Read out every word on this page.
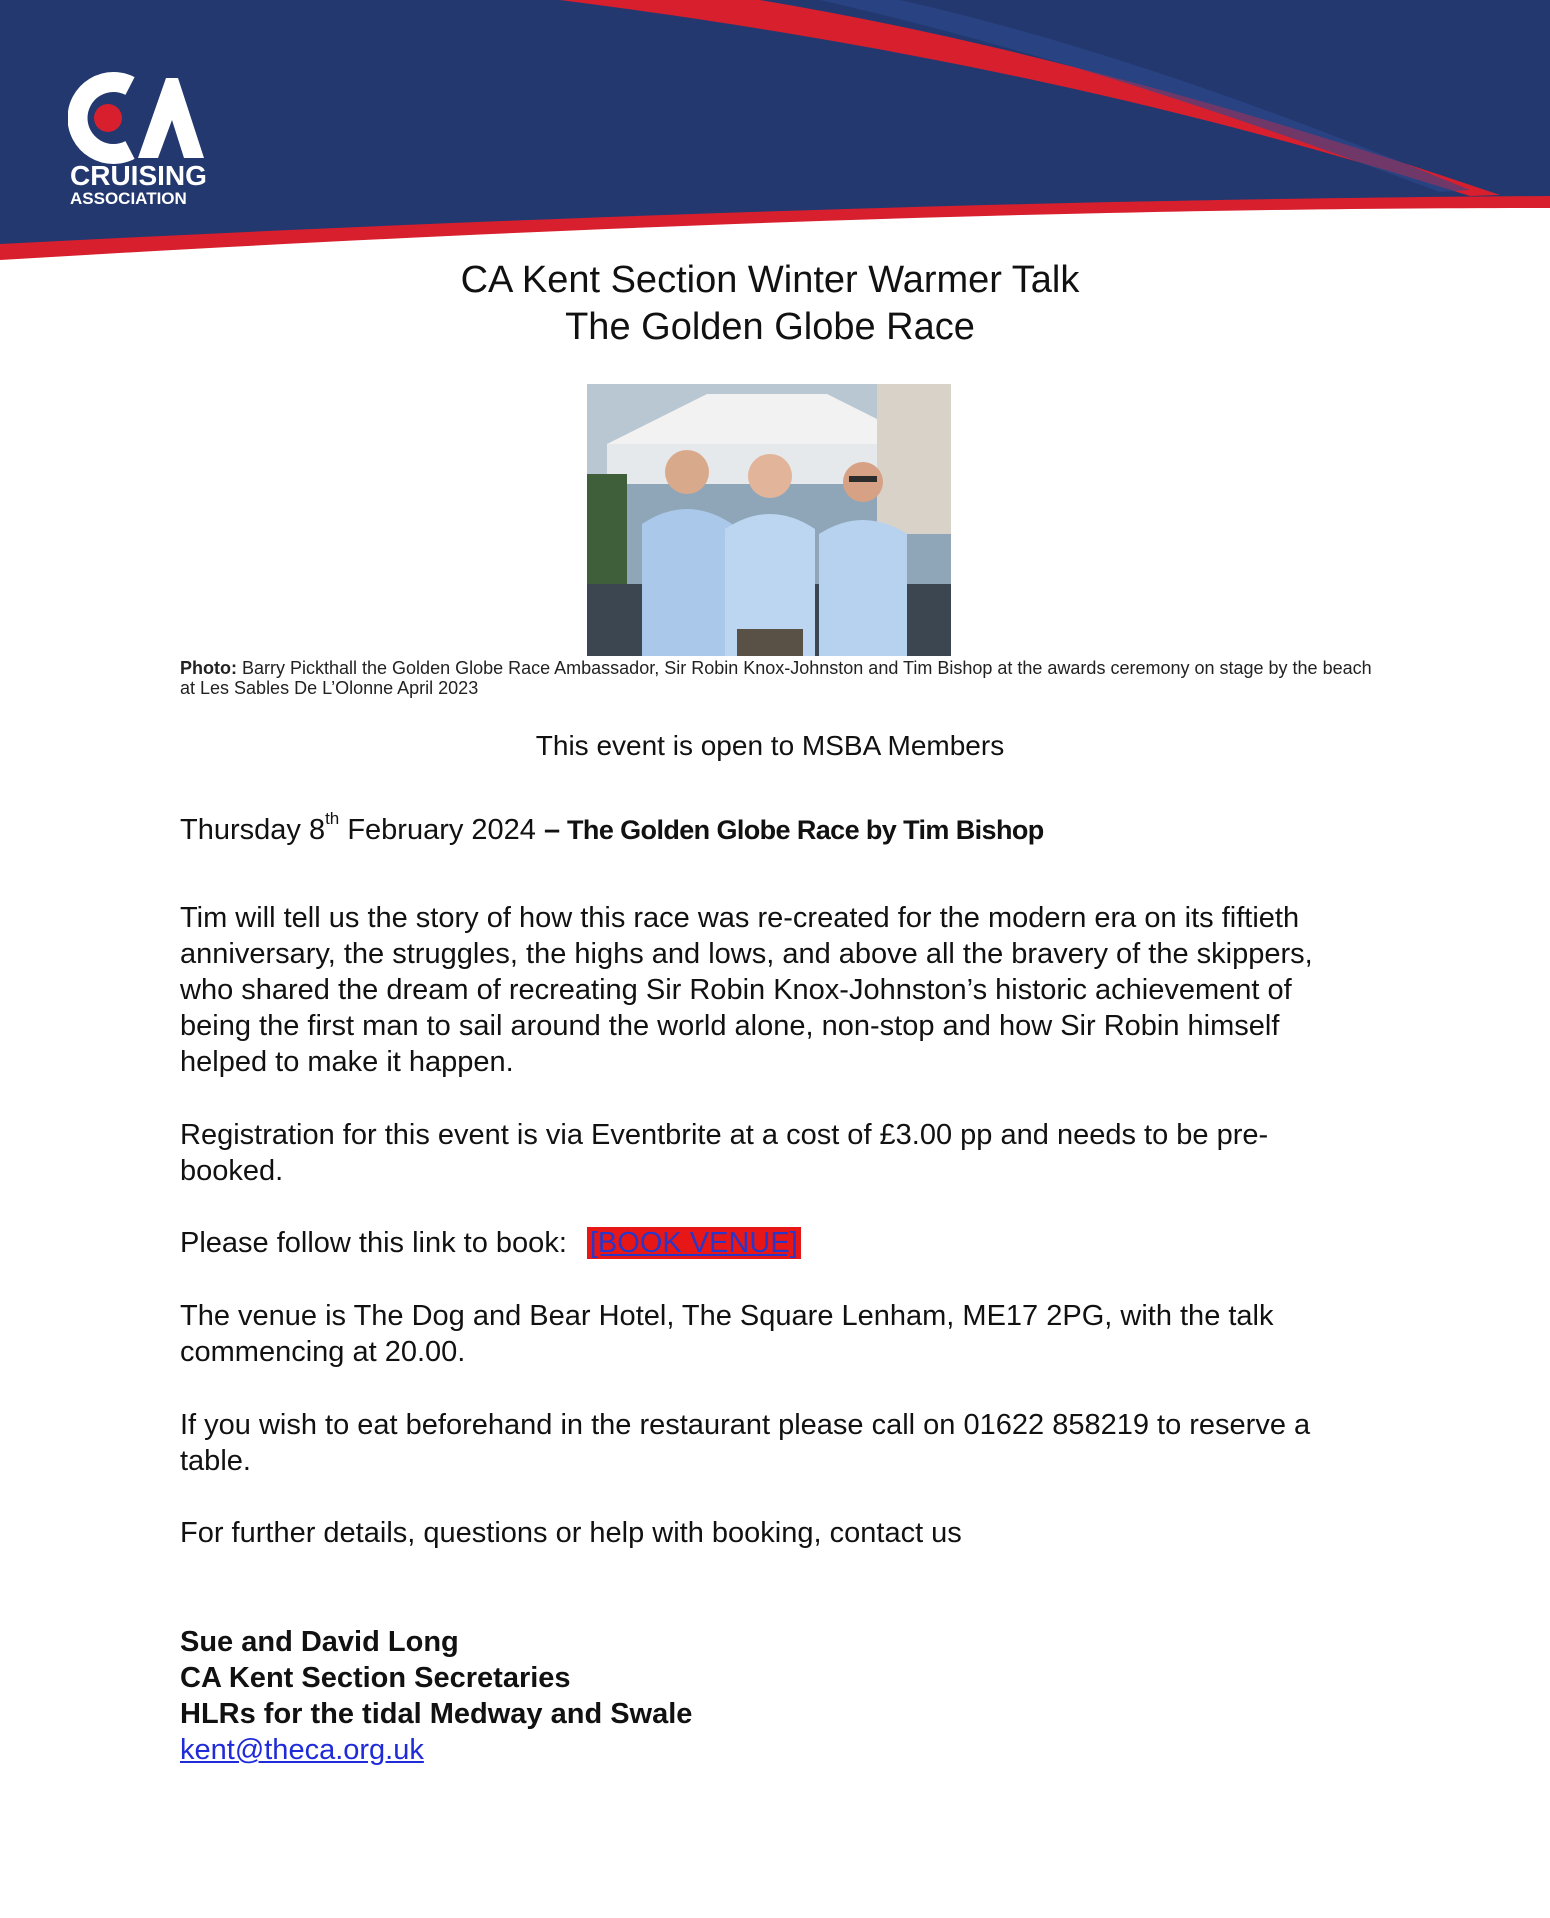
CRUISING
ASSOCIATION
CA Kent Section Winter Warmer Talk
The Golden Globe Race
Photo: Barry Pickthall the Golden Globe Race Ambassador, Sir Robin Knox-Johnston and Tim Bishop at the awards ceremony on stage by the beach at Les Sables De L’Olonne April 2023
This event is open to MSBA Members
Thursday 8th February 2024 – The Golden Globe Race by Tim Bishop
Tim will tell us the story of how this race was re-created for the modern era on its fiftieth anniversary, the struggles, the highs and lows, and above all the bravery of the skippers, who shared the dream of recreating Sir Robin Knox-Johnston’s historic achievement of being the first man to sail around the world alone, non-stop and how Sir Robin himself helped to make it happen.
Registration for this event is via Eventbrite at a cost of £3.00 pp and needs to be pre-booked.
Please follow this link to book: [BOOK VENUE]
The venue is The Dog and Bear Hotel, The Square Lenham, ME17 2PG, with the talk commencing at 20.00.
If you wish to eat beforehand in the restaurant please call on 01622 858219 to reserve a table.
For further details, questions or help with booking, contact us
Sue and David Long
CA Kent Section Secretaries
HLRs for the tidal Medway and Swale
kent@theca.org.uk
